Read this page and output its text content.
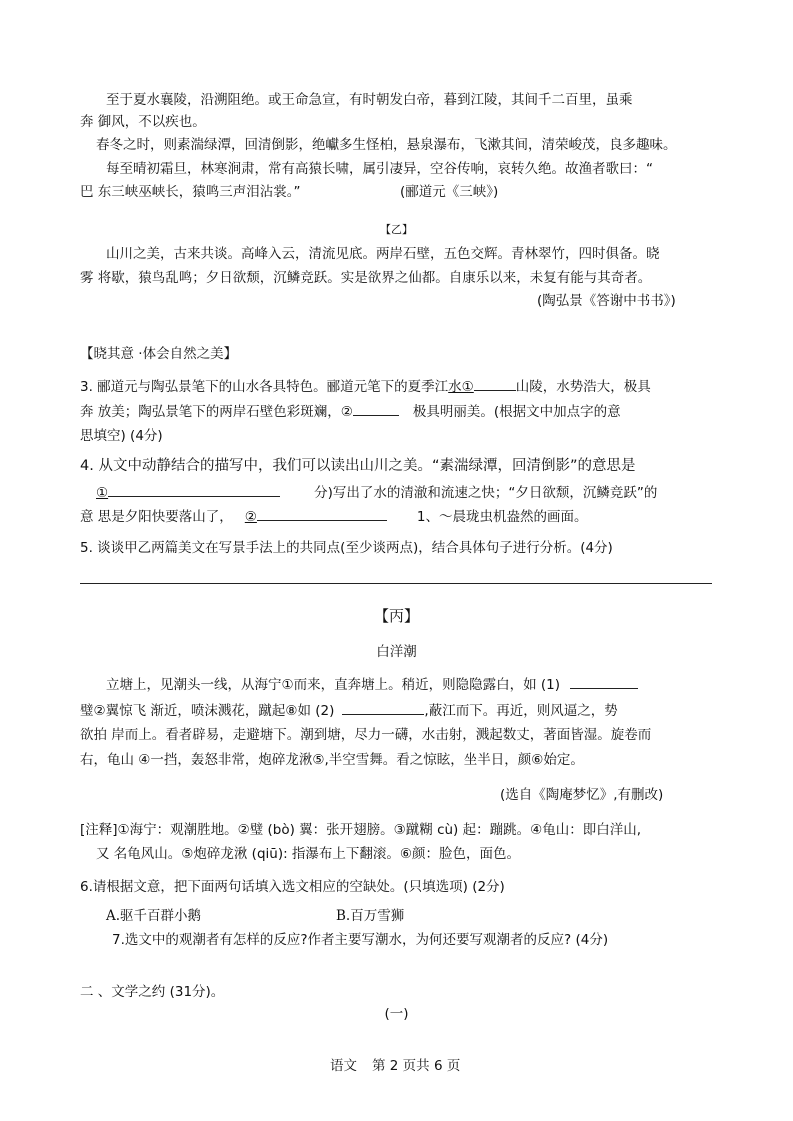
至于夏水襄陵，沿溯阻绝。或王命急宣，有时朝发白帝，暮到江陵，其间千二百里，虽乘
奔 御风，不以疾也。
春冬之时，则素湍绿潭，回清倒影，绝巘多生怪柏，悬泉瀑布，飞漱其间，清荣峻茂，良多趣味。
每至晴初霜旦，林寒涧肃，常有高猿长啸，属引凄异，空谷传响，哀转久绝。故渔者歌曰：“
巴 东三峡巫峡长，猿鸣三声泪沾裳。”	(郦道元《三峡》)
【乙】
山川之美，古来共谈。高峰入云，清流见底。两岸石壁，五色交辉。青林翠竹，四时俱备。晓
雾 将歇，猿鸟乱鸣；夕日欲颓，沉鳞竞跃。实是欲界之仙都。自康乐以来，未复有能与其奇者。
(陶弘景《答谢中书书》)
【晓其意 ·体会自然之美】
3. 郦道元与陶弘景笔下的山水各具特色。郦道元笔下的夏季江水①	山陵，水势浩大，极具
奔 放美；陶弘景笔下的两岸石壁色彩斑斓，②	极具明丽美。(根据文中加点字的意
思填空) (4分)
4. 从文中动静结合的描写中，我们可以读出山川之美。“素湍绿潭，回清倒影”的意思是
①	分)写出了水的清澈和流速之快；“夕日欲颓，沉鳞竞跃”的
意 思是夕阳快要落山了， ②	1、～晨珑虫机盎然的画面。
5. 谈谈甲乙两篇美文在写景手法上的共同点(至少谈两点)，结合具体句子进行分析。(4分)
【丙】
白洋潮
立塘上，见潮头一线，从海宁①而来，直奔塘上。稍近，则隐隐露白，如 (1)
璧②翼惊飞 渐近，喷沫溅花，蹴起⑧如 (2)	,蔽江而下。再近，则风逼之，势
欲拍 岸而上。看者辟易，走避塘下。潮到塘，尽力一礴，水击射，溅起数丈，著面皆湿。旋卷而
右，龟山 ④一挡，轰怒非常，炮碎龙湫⑤,半空雪舞。看之惊眩，坐半日，颜⑥始定。
(选自《陶庵梦忆》,有删改)
[注释]①海宁：观潮胜地。②璧 (bò) 翼：张开翅膀。③蹴糊 cù) 起：蹦跳。④龟山：即白洋山,
又 名龟风山。⑤炮碎龙湫 (qiū): 指瀑布上下翻滚。⑥颜：脸色，面色。
6.请根据文意，把下面两句话填入选文相应的空缺处。(只填选项) (2分)
A.驱千百群小鹅	B.百万雪狮
7.选文中的观潮者有怎样的反应?作者主要写潮水，为何还要写观潮者的反应? (4分)
二 、文学之约 (31分)。
(一)
语文 第 2 页共 6 页
